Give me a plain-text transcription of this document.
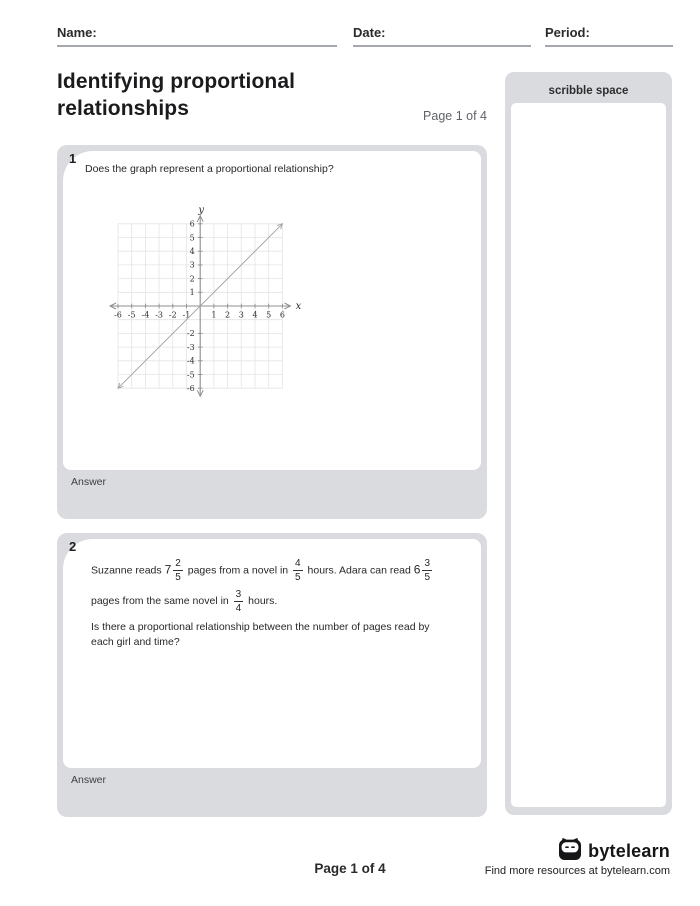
Name:	Date:	Period:
Identifying proportional relationships	Page 1 of 4
scribble space
1
Does the graph represent a proportional relationship?
-6 -5 -4 -3 -2 -1	1 2 3 4 5 6
1
2
3
4
5
6
-2
-3
-4
-5
-6
y
x
Answer
2
Suzanne reads $7 \frac{2}{5}$ pages from a novel in $\frac{4}{5}$ hours. Adara can read $6 \frac{3}{5}$
pages from the same novel in $\frac{3}{4}$ hours.
Is there a proportional relationship between the number of pages read by each girl and time?
Answer
Page 1 of 4
bytelearn
Find more resources at bytelearn.com
